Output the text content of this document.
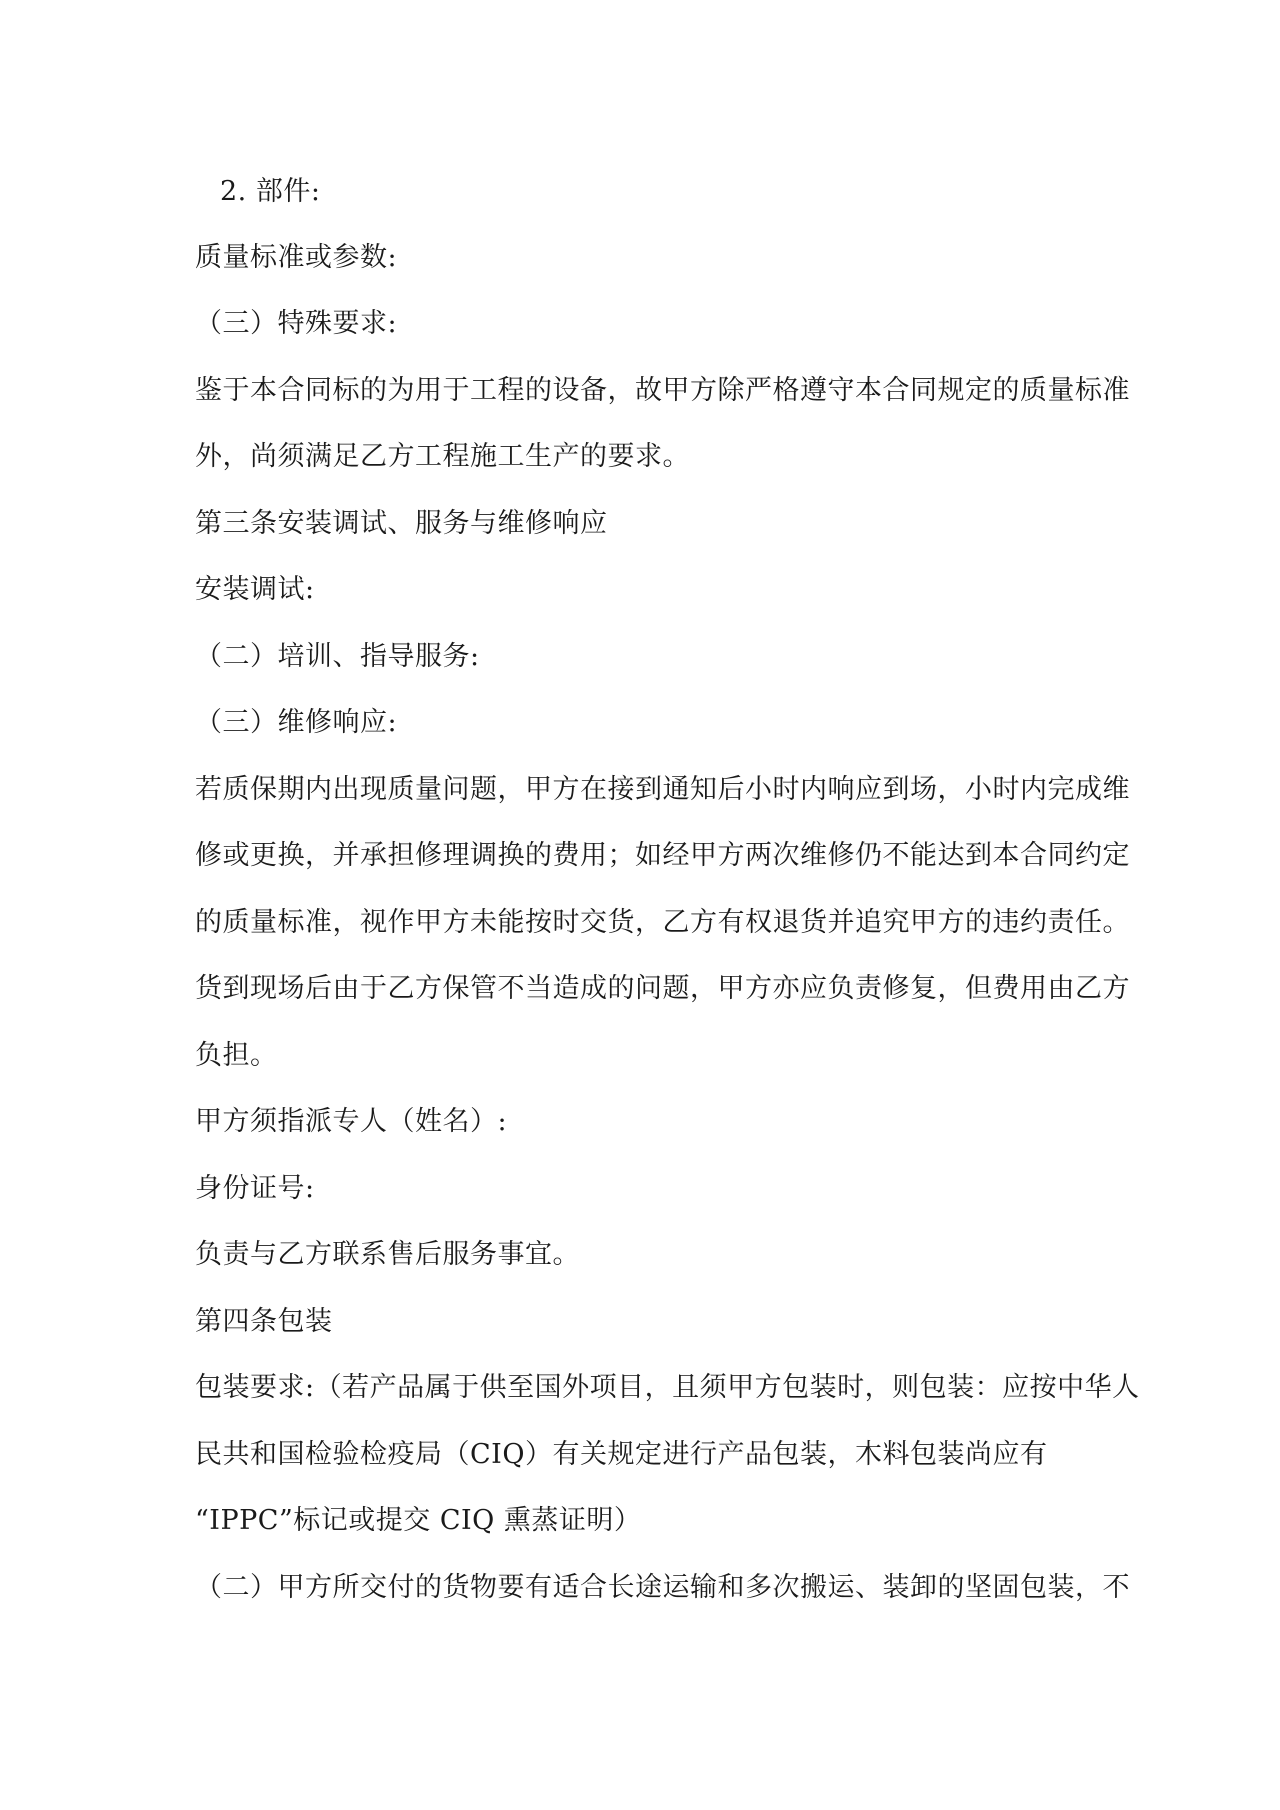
2. 部件:
质量标准或参数:
（三）特殊要求:
鉴于本合同标的为用于工程的设备，故甲方除严格遵守本合同规定的质量标准
外，尚须满足乙方工程施工生产的要求。
第三条安装调试、服务与维修响应
安装调试:
（二）培训、指导服务:
（三）维修响应:
若质保期内出现质量问题，甲方在接到通知后小时内响应到场，小时内完成维
修或更换，并承担修理调换的费用；如经甲方两次维修仍不能达到本合同约定
的质量标准，视作甲方未能按时交货，乙方有权退货并追究甲方的违约责任。
货到现场后由于乙方保管不当造成的问题，甲方亦应负责修复，但费用由乙方
负担。
甲方须指派专人（姓名）:
身份证号:
负责与乙方联系售后服务事宜。
第四条包装
包装要求:（若产品属于供至国外项目，且须甲方包装时，则包装：应按中华人
民共和国检验检疫局（CIQ）有关规定进行产品包装，木料包装尚应有
“IPPC”标记或提交 CIQ 熏蒸证明）
（二）甲方所交付的货物要有适合长途运输和多次搬运、装卸的坚固包装，不
